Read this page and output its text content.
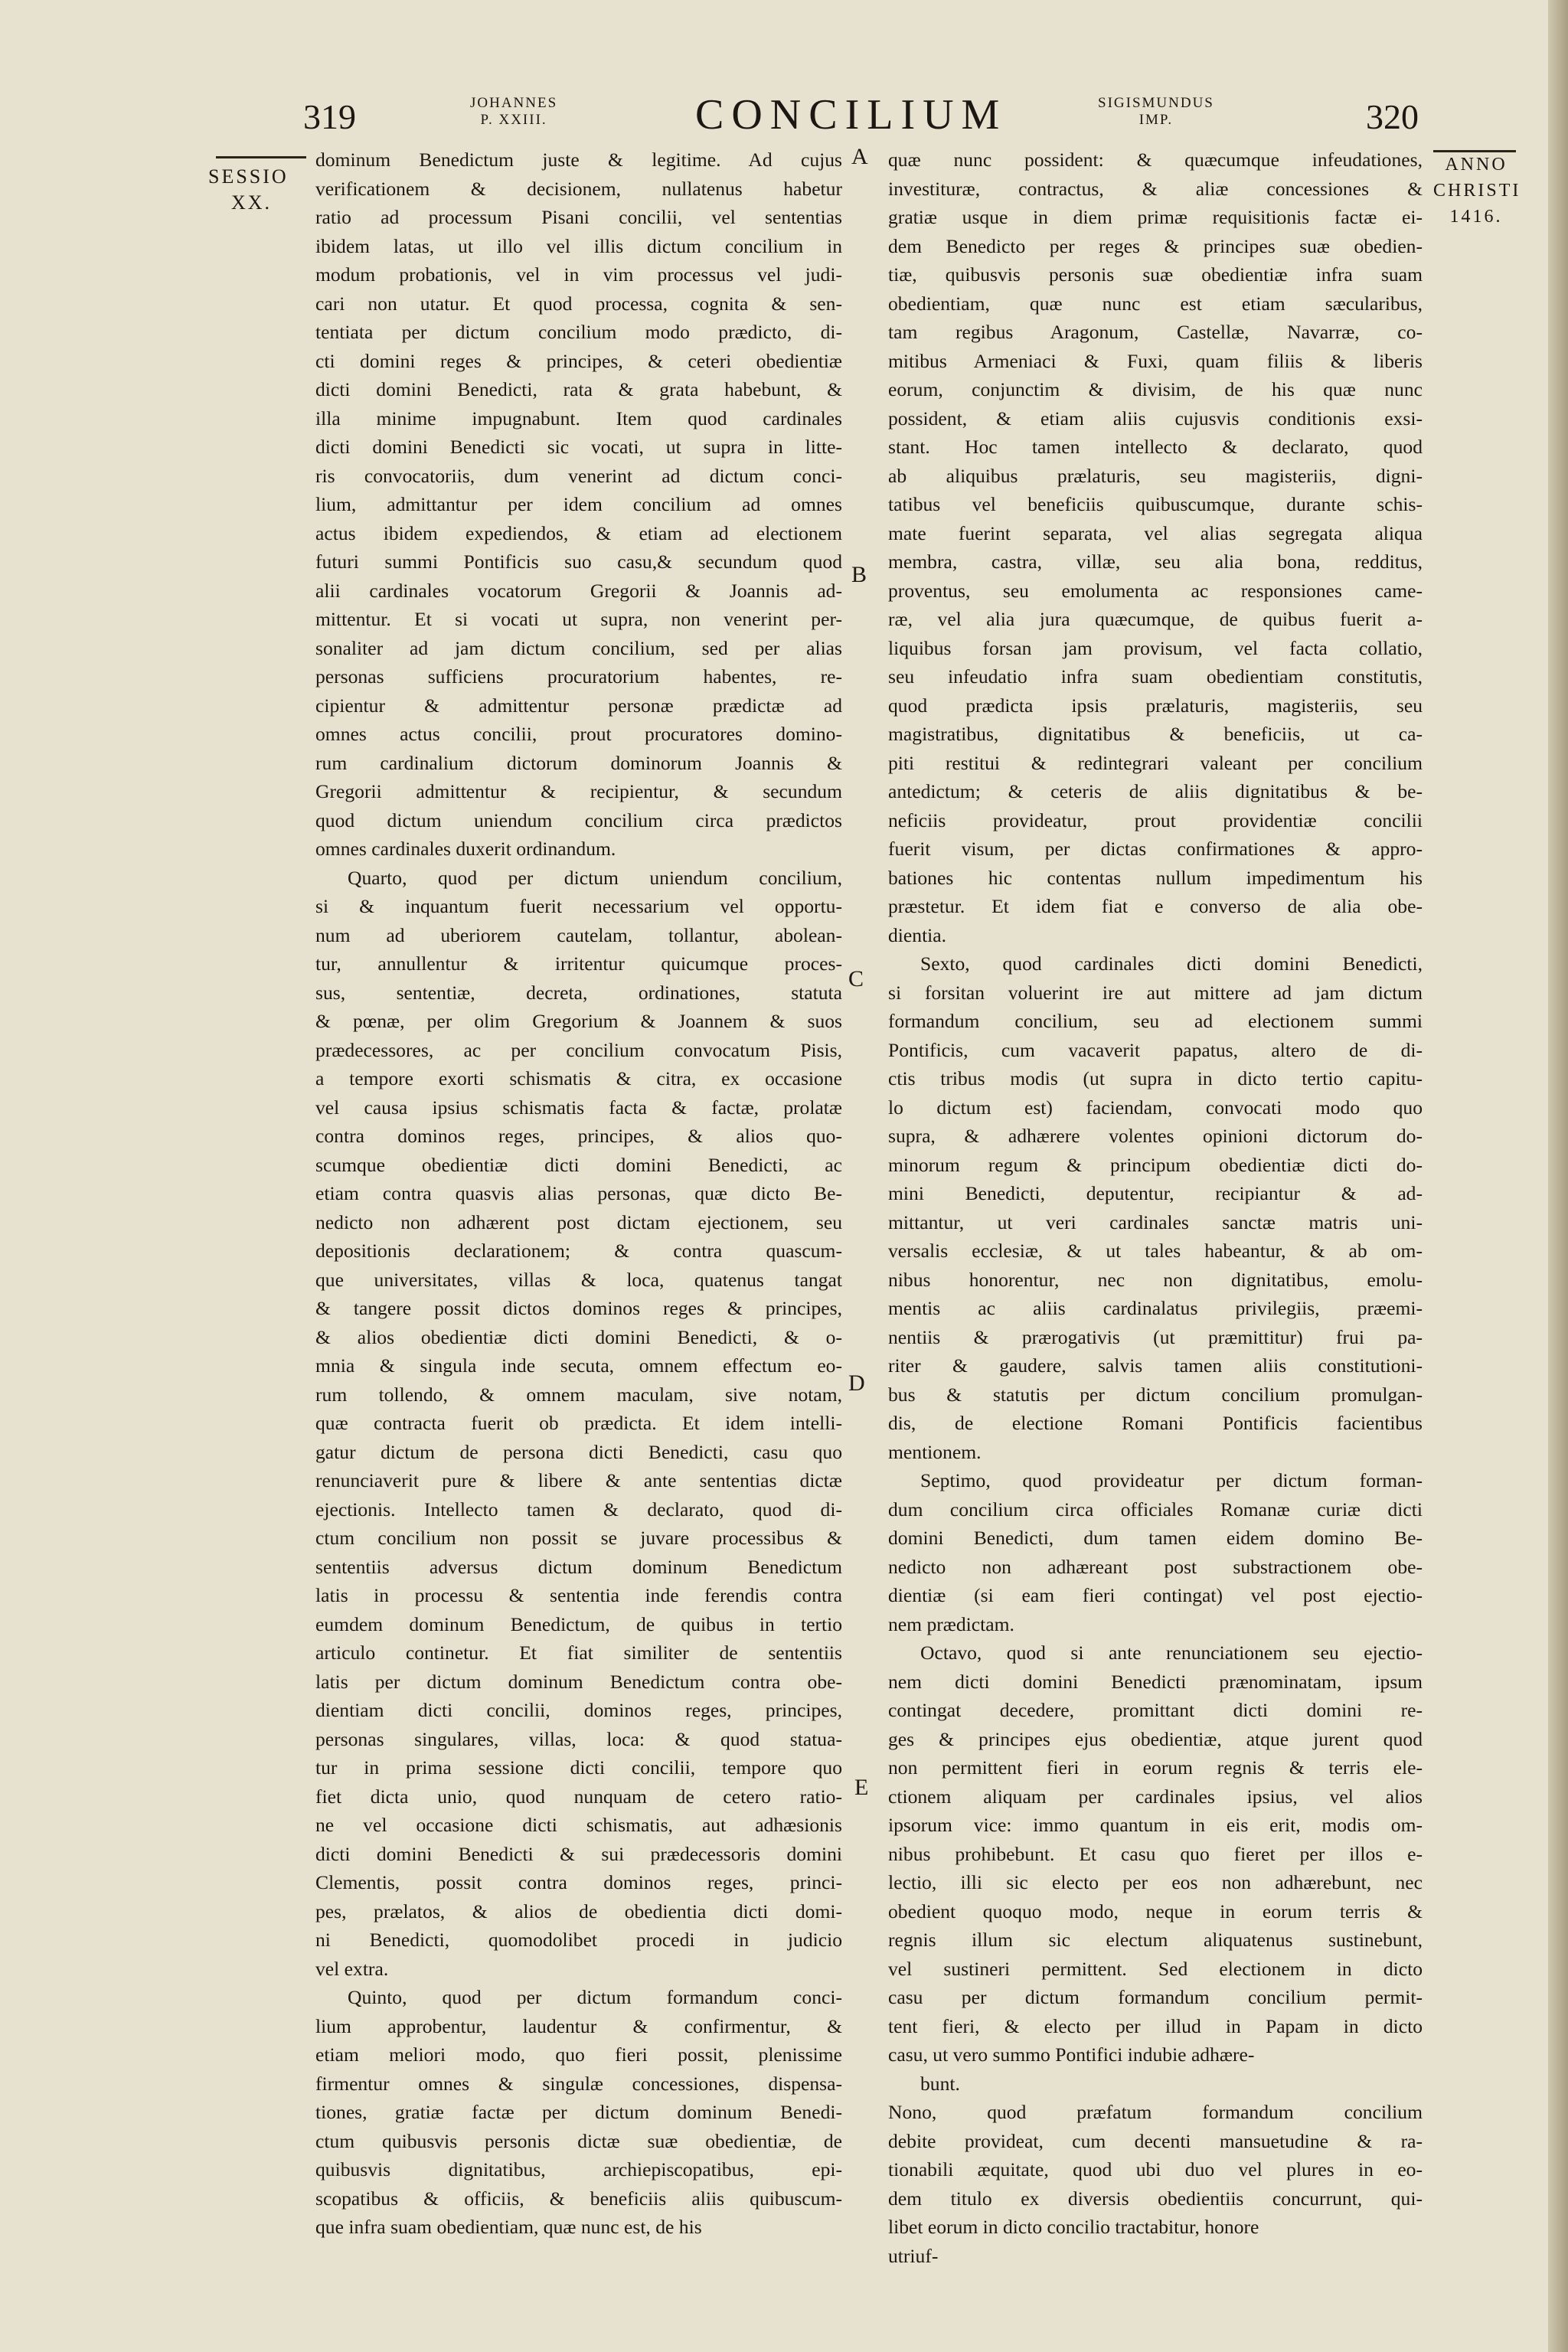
319	JOHANNES
P. XXIII.	CONCILIUM	SIGISMUNDUS
IMP.	320
SESSIO
XX.
ANNO
CHRISTI
1416.
A
B
C
D
E
dominum Benedictum juste & legitime. Ad cujus
verificationem & decisionem, nullatenus habetur
ratio ad processum Pisani concilii, vel sententias
ibidem latas, ut illo vel illis dictum concilium in
modum probationis, vel in vim processus vel judi-
cari non utatur. Et quod processa, cognita & sen-
tentiata per dictum concilium modo prædicto, di-
cti domini reges & principes, & ceteri obedientiæ
dicti domini Benedicti, rata & grata habebunt, &
illa minime impugnabunt. Item quod cardinales
dicti domini Benedicti sic vocati, ut supra in litte-
ris convocatoriis, dum venerint ad dictum conci-
lium, admittantur per idem concilium ad omnes
actus ibidem expediendos, & etiam ad electionem
futuri summi Pontificis suo casu,& secundum quod
alii cardinales vocatorum Gregorii & Joannis ad-
mittentur. Et si vocati ut supra, non venerint per-
sonaliter ad jam dictum concilium, sed per alias
personas sufficiens procuratorium habentes, re-
cipientur & admittentur personæ prædictæ ad
omnes actus concilii, prout procuratores domino-
rum cardinalium dictorum dominorum Joannis &
Gregorii admittentur & recipientur, & secundum
quod dictum uniendum concilium circa prædictos
omnes cardinales duxerit ordinandum.
Quarto, quod per dictum uniendum concilium,
si & inquantum fuerit necessarium vel opportu-
num ad uberiorem cautelam, tollantur, abolean-
tur, annullentur & irritentur quicumque proces-
sus, sententiæ, decreta, ordinationes, statuta
& pœnæ, per olim Gregorium & Joannem & suos
prædecessores, ac per concilium convocatum Pisis,
a tempore exorti schismatis & citra, ex occasione
vel causa ipsius schismatis facta & factæ, prolatæ
contra dominos reges, principes, & alios quo-
scumque obedientiæ dicti domini Benedicti, ac
etiam contra quasvis alias personas, quæ dicto Be-
nedicto non adhærent post dictam ejectionem, seu
depositionis declarationem; & contra quascum-
que universitates, villas & loca, quatenus tangat
& tangere possit dictos dominos reges & principes,
& alios obedientiæ dicti domini Benedicti, & o-
mnia & singula inde secuta, omnem effectum eo-
rum tollendo, & omnem maculam, sive notam,
quæ contracta fuerit ob prædicta. Et idem intelli-
gatur dictum de persona dicti Benedicti, casu quo
renunciaverit pure & libere & ante sententias dictæ
ejectionis. Intellecto tamen & declarato, quod di-
ctum concilium non possit se juvare processibus &
sententiis adversus dictum dominum Benedictum
latis in processu & sententia inde ferendis contra
eumdem dominum Benedictum, de quibus in tertio
articulo continetur. Et fiat similiter de sententiis
latis per dictum dominum Benedictum contra obe-
dientiam dicti concilii, dominos reges, principes,
personas singulares, villas, loca: & quod statua-
tur in prima sessione dicti concilii, tempore quo
fiet dicta unio, quod nunquam de cetero ratio-
ne vel occasione dicti schismatis, aut adhæsionis
dicti domini Benedicti & sui prædecessoris domini
Clementis, possit contra dominos reges, princi-
pes, prælatos, & alios de obedientia dicti domi-
ni Benedicti, quomodolibet procedi in judicio
vel extra.
Quinto, quod per dictum formandum conci-
lium approbentur, laudentur & confirmentur, &
etiam meliori modo, quo fieri possit, plenissime
firmentur omnes & singulæ concessiones, dispensa-
tiones, gratiæ factæ per dictum dominum Benedi-
ctum quibusvis personis dictæ suæ obedientiæ, de
quibusvis dignitatibus, archiepiscopatibus, epi-
scopatibus & officiis, & beneficiis aliis quibuscum-
que infra suam obedientiam, quæ nunc est, de his
quæ nunc possident: & quæcumque infeudationes,
investituræ, contractus, & aliæ concessiones &
gratiæ usque in diem primæ requisitionis factæ ei-
dem Benedicto per reges & principes suæ obedien-
tiæ, quibusvis personis suæ obedientiæ infra suam
obedientiam, quæ nunc est etiam sæcularibus,
tam regibus Aragonum, Castellæ, Navarræ, co-
mitibus Armeniaci & Fuxi, quam filiis & liberis
eorum, conjunctim & divisim, de his quæ nunc
possident, & etiam aliis cujusvis conditionis exsi-
stant. Hoc tamen intellecto & declarato, quod
ab aliquibus prælaturis, seu magisteriis, digni-
tatibus vel beneficiis quibuscumque, durante schis-
mate fuerint separata, vel alias segregata aliqua
membra, castra, villæ, seu alia bona, redditus,
proventus, seu emolumenta ac responsiones came-
ræ, vel alia jura quæcumque, de quibus fuerit a-
liquibus forsan jam provisum, vel facta collatio,
seu infeudatio infra suam obedientiam constitutis,
quod prædicta ipsis prælaturis, magisteriis, seu
magistratibus, dignitatibus & beneficiis, ut ca-
piti restitui & redintegrari valeant per concilium
antedictum; & ceteris de aliis dignitatibus & be-
neficiis provideatur, prout providentiæ concilii
fuerit visum, per dictas confirmationes & appro-
bationes hic contentas nullum impedimentum his
præstetur. Et idem fiat e converso de alia obe-
dientia.
Sexto, quod cardinales dicti domini Benedicti,
si forsitan voluerint ire aut mittere ad jam dictum
formandum concilium, seu ad electionem summi
Pontificis, cum vacaverit papatus, altero de di-
ctis tribus modis (ut supra in dicto tertio capitu-
lo dictum est) faciendam, convocati modo quo
supra, & adhærere volentes opinioni dictorum do-
minorum regum & principum obedientiæ dicti do-
mini Benedicti, deputentur, recipiantur & ad-
mittantur, ut veri cardinales sanctæ matris uni-
versalis ecclesiæ, & ut tales habeantur, & ab om-
nibus honorentur, nec non dignitatibus, emolu-
mentis ac aliis cardinalatus privilegiis, præemi-
nentiis & prærogativis (ut præmittitur) frui pa-
riter & gaudere, salvis tamen aliis constitutioni-
bus & statutis per dictum concilium promulgan-
dis, de electione Romani Pontificis facientibus
mentionem.
Septimo, quod provideatur per dictum forman-
dum concilium circa officiales Romanæ curiæ dicti
domini Benedicti, dum tamen eidem domino Be-
nedicto non adhæreant post substractionem obe-
dientiæ (si eam fieri contingat) vel post ejectio-
nem prædictam.
Octavo, quod si ante renunciationem seu ejectio-
nem dicti domini Benedicti prænominatam, ipsum
contingat decedere, promittant dicti domini re-
ges & principes ejus obedientiæ, atque jurent quod
non permittent fieri in eorum regnis & terris ele-
ctionem aliquam per cardinales ipsius, vel alios
ipsorum vice: immo quantum in eis erit, modis om-
nibus prohibebunt. Et casu quo fieret per illos e-
lectio, illi sic electo per eos non adhærebunt, nec
obedient quoquo modo, neque in eorum terris &
regnis illum sic electum aliquatenus sustinebunt,
vel sustineri permittent. Sed electionem in dicto
casu per dictum formandum concilium permit-
tent fieri, & electo per illud in Papam in dicto
casu, ut vero summo Pontifici indubie adhære-
bunt.
Nono, quod præfatum formandum concilium
debite provideat, cum decenti mansuetudine & ra-
tionabili æquitate, quod ubi duo vel plures in eo-
dem titulo ex diversis obedientiis concurrunt, qui-
libet eorum in dicto concilio tractabitur, honore
utriuf-
